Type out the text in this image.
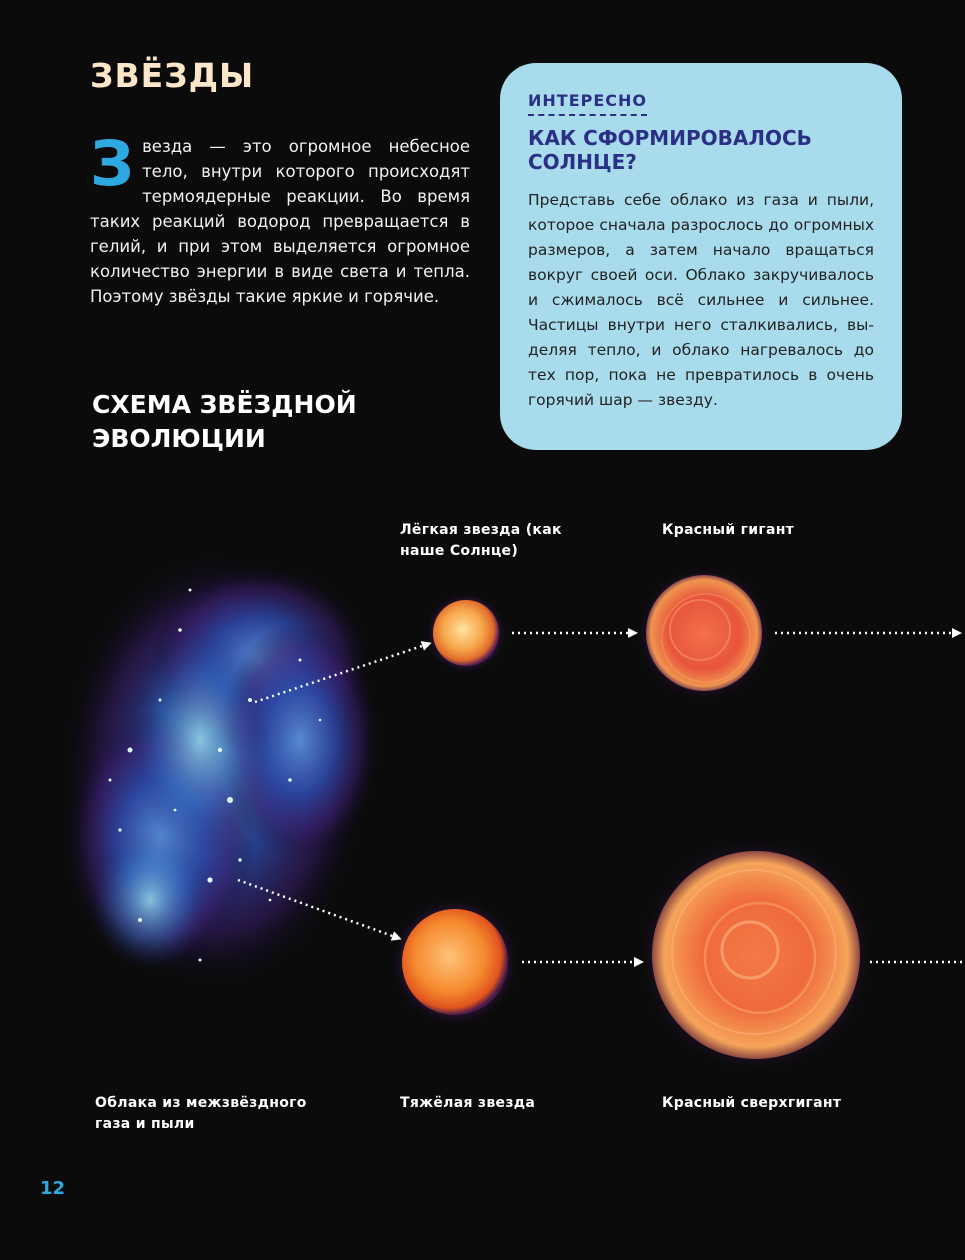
ЗВЁЗДЫ
З везда — это огромное небесное тело, внутри которого происходят термоядерные реакции. Во время таких реакций водород превращается в гелий, и при этом выделяется огромное количество энергии в виде света и тепла. Поэтому звёзды такие яркие и горячие.
ИНТЕРЕСНО
КАК СФОРМИРОВАЛОСЬ СОЛНЦЕ?
Представь себе облако из газа и пыли, которое сначала разрослось до огромных размеров, а затем начало вращаться вокруг своей оси. Облако закручивалось и сжималось всё сильнее и сильнее. Частицы внутри него сталкивались, выделяя тепло, и облако нагревалось до тех пор, пока не превратилось в очень горячий шар — звезду.
СХЕМА ЗВЁЗДНОЙ ЭВОЛЮЦИИ
Лёгкая звезда (как наше Солнце)
Красный гигант
Облака из межзвёздного газа и пыли
Тяжёлая звезда	Красный сверхгигант
12
